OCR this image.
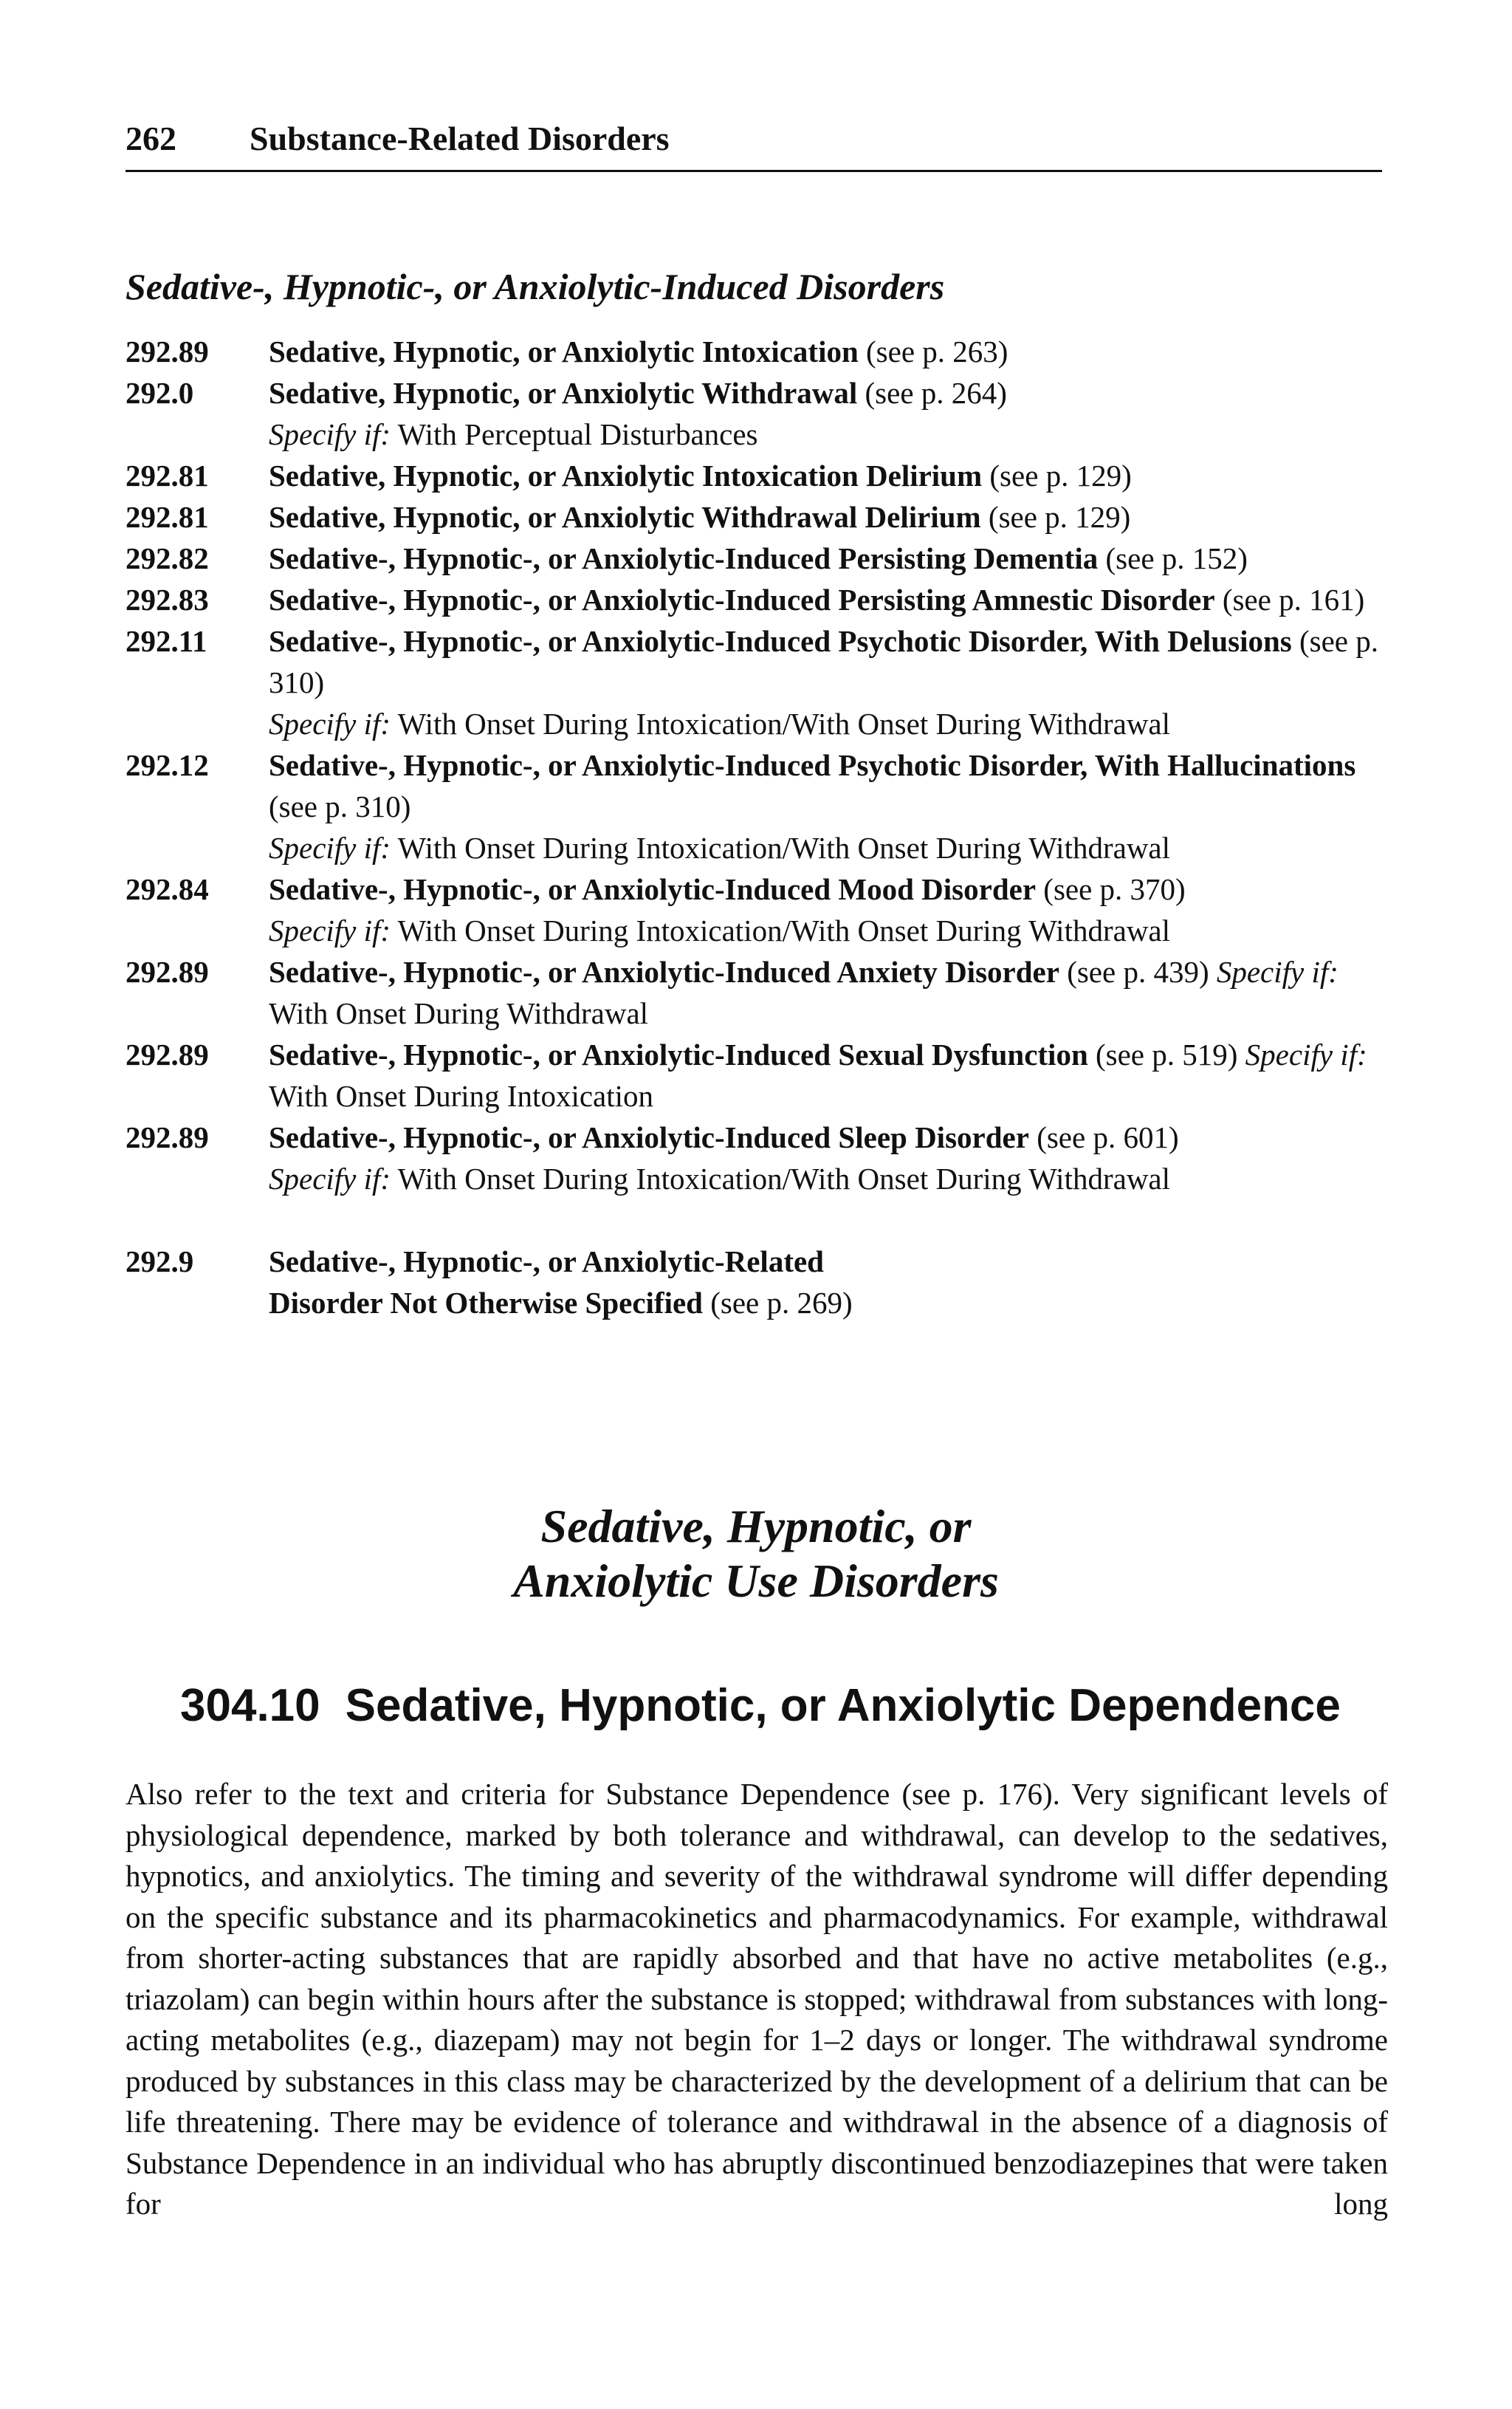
262 Substance-Related Disorders
Sedative-, Hypnotic-, or Anxiolytic-Induced Disorders
292.89	Sedative, Hypnotic, or Anxiolytic Intoxication (see p. 263)
292.0	Sedative, Hypnotic, or Anxiolytic Withdrawal (see p. 264)
Specify if: With Perceptual Disturbances
292.81	Sedative, Hypnotic, or Anxiolytic Intoxication Delirium (see p. 129)
292.81	Sedative, Hypnotic, or Anxiolytic Withdrawal Delirium (see p. 129)
292.82	Sedative-, Hypnotic-, or Anxiolytic-Induced Persisting Dementia (see p. 152)
292.83	Sedative-, Hypnotic-, or Anxiolytic-Induced Persisting Amnestic Disorder (see p. 161)
292.11	Sedative-, Hypnotic-, or Anxiolytic-Induced Psychotic Disorder, With Delusions (see p. 310)
Specify if: With Onset During Intoxication/With Onset During Withdrawal
292.12	Sedative-, Hypnotic-, or Anxiolytic-Induced Psychotic Disorder, With Hallucinations (see p. 310)
Specify if: With Onset During Intoxication/With Onset During Withdrawal
292.84	Sedative-, Hypnotic-, or Anxiolytic-Induced Mood Disorder (see p. 370)
Specify if: With Onset During Intoxication/With Onset During Withdrawal
292.89	Sedative-, Hypnotic-, or Anxiolytic-Induced Anxiety Disorder (see p. 439) Specify if: With Onset During Withdrawal
292.89	Sedative-, Hypnotic-, or Anxiolytic-Induced Sexual Dysfunction (see p. 519) Specify if: With Onset During Intoxication
292.89	Sedative-, Hypnotic-, or Anxiolytic-Induced Sleep Disorder (see p. 601)
Specify if: With Onset During Intoxication/With Onset During Withdrawal
292.9	Sedative-, Hypnotic-, or Anxiolytic-Related Disorder Not Otherwise Specified (see p. 269)
Sedative, Hypnotic, or
Anxiolytic Use Disorders
304.10 Sedative, Hypnotic, or Anxiolytic Dependence
Also refer to the text and criteria for Substance Dependence (see p. 176). Very significant levels of physiological dependence, marked by both tolerance and withdrawal, can develop to the sedatives, hypnotics, and anxiolytics. The timing and severity of the withdrawal syndrome will differ depending on the specific substance and its pharmacokinetics and pharmacodynamics. For example, withdrawal from shorter-acting substances that are rapidly absorbed and that have no active metabolites (e.g., triazolam) can begin within hours after the substance is stopped; withdrawal from substances with long-acting metabolites (e.g., diazepam) may not begin for 1–2 days or longer. The withdrawal syndrome produced by substances in this class may be characterized by the development of a delirium that can be life threatening. There may be evidence of tolerance and withdrawal in the absence of a diagnosis of Substance Dependence in an individual who has abruptly discontinued benzodiazepines that were taken for long
